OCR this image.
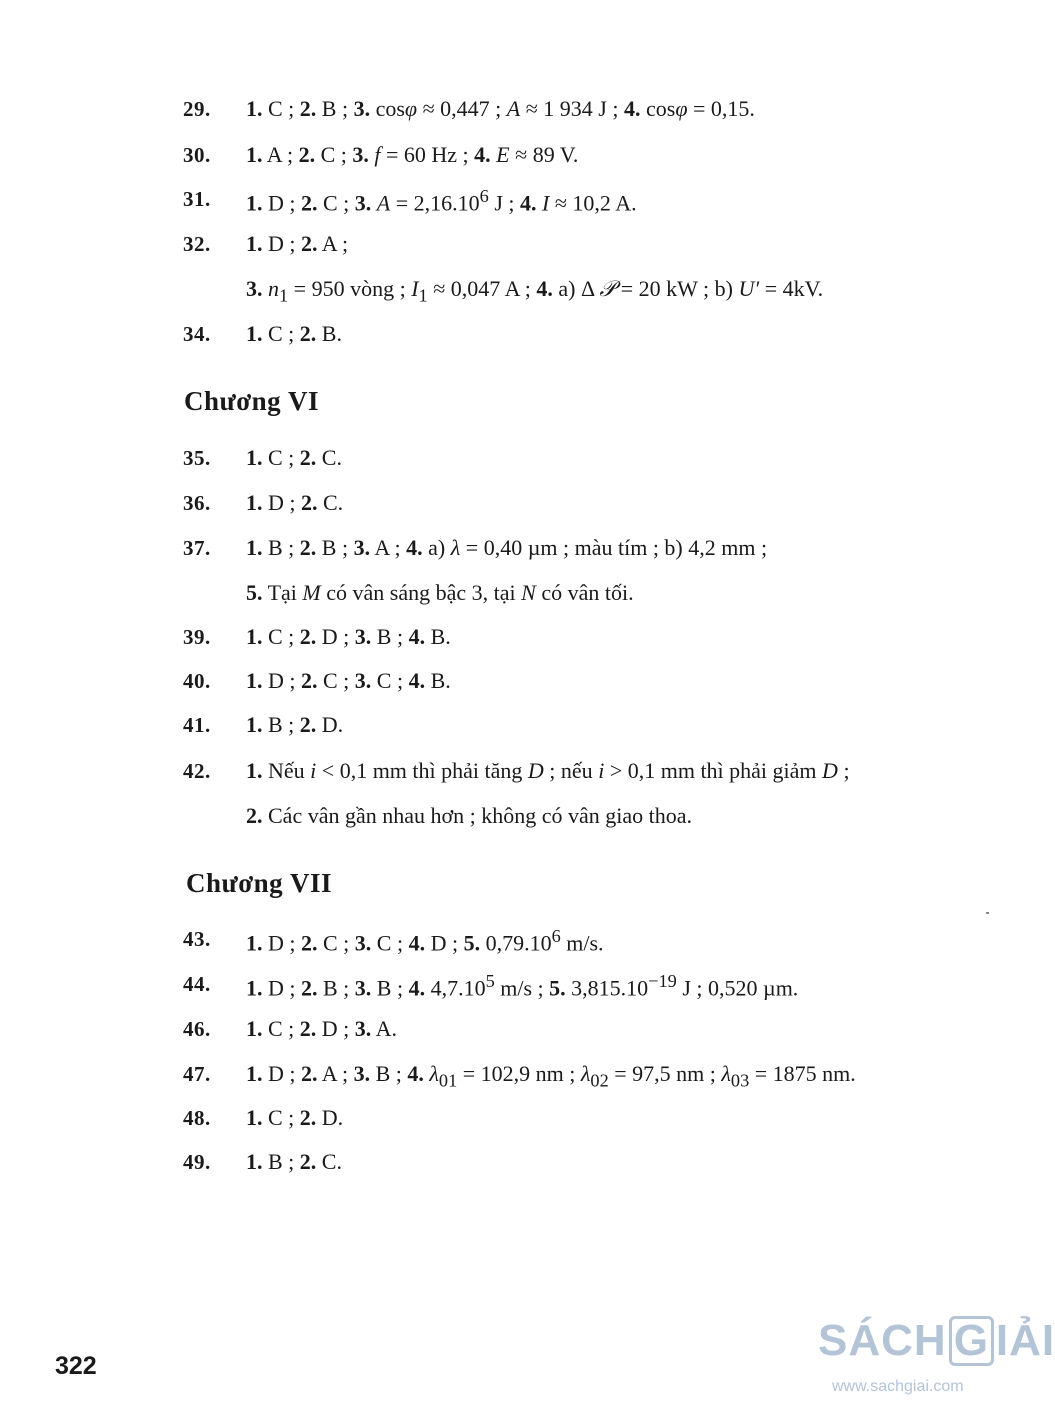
29. 1. C ; 2. B ; 3. cosφ ≈ 0,447 ; A ≈ 1 934 J ; 4. cosφ = 0,15.
30. 1. A ; 2. C ; 3. f = 60 Hz ; 4. E ≈ 89 V.
31. 1. D ; 2. C ; 3. $A = 2,16.10^6$ J ; 4. I ≈ 10,2 A.
32. 1. D ; 2. A ;
3. $n_1 = 950$ vòng ; $I_1 \approx 0,047$ A ; 4. a) Δ 𝒫 = 20 kW ; b) U′ = 4kV.
34. 1. C ; 2. B.
Chương VI
35. 1. C ; 2. C.
36. 1. D ; 2. C.
37. 1. B ; 2. B ; 3. A ; 4. a) λ = 0,40 µm ; màu tím ; b) 4,2 mm ;
5. Tại M có vân sáng bậc 3, tại N có vân tối.
39. 1. C ; 2. D ; 3. B ; 4. B.
40. 1. D ; 2. C ; 3. C ; 4. B.
41. 1. B ; 2. D.
42. 1. Nếu i < 0,1 mm thì phải tăng D ; nếu i > 0,1 mm thì phải giảm D ;
2. Các vân gần nhau hơn ; không có vân giao thoa.
Chương VII
43. 1. D ; 2. C ; 3. C ; 4. D ; 5. 0,79.10$^6$ m/s.
44. 1. D ; 2. B ; 3. B ; 4. 4,7.10$^5$ m/s ; 5. $3,815.10^{-19}$ J ; 0,520 µm.
46. 1. C ; 2. D ; 3. A.
47. 1. D ; 2. A ; 3. B ; 4. $\lambda_{01} = 102,9$ nm ; $\lambda_{02} = 97,5$ nm ; $\lambda_{03} = 1875$ nm.
48. 1. C ; 2. D.
49. 1. B ; 2. C.
322
SÁCH G IẢI
www.sachgiai.com
